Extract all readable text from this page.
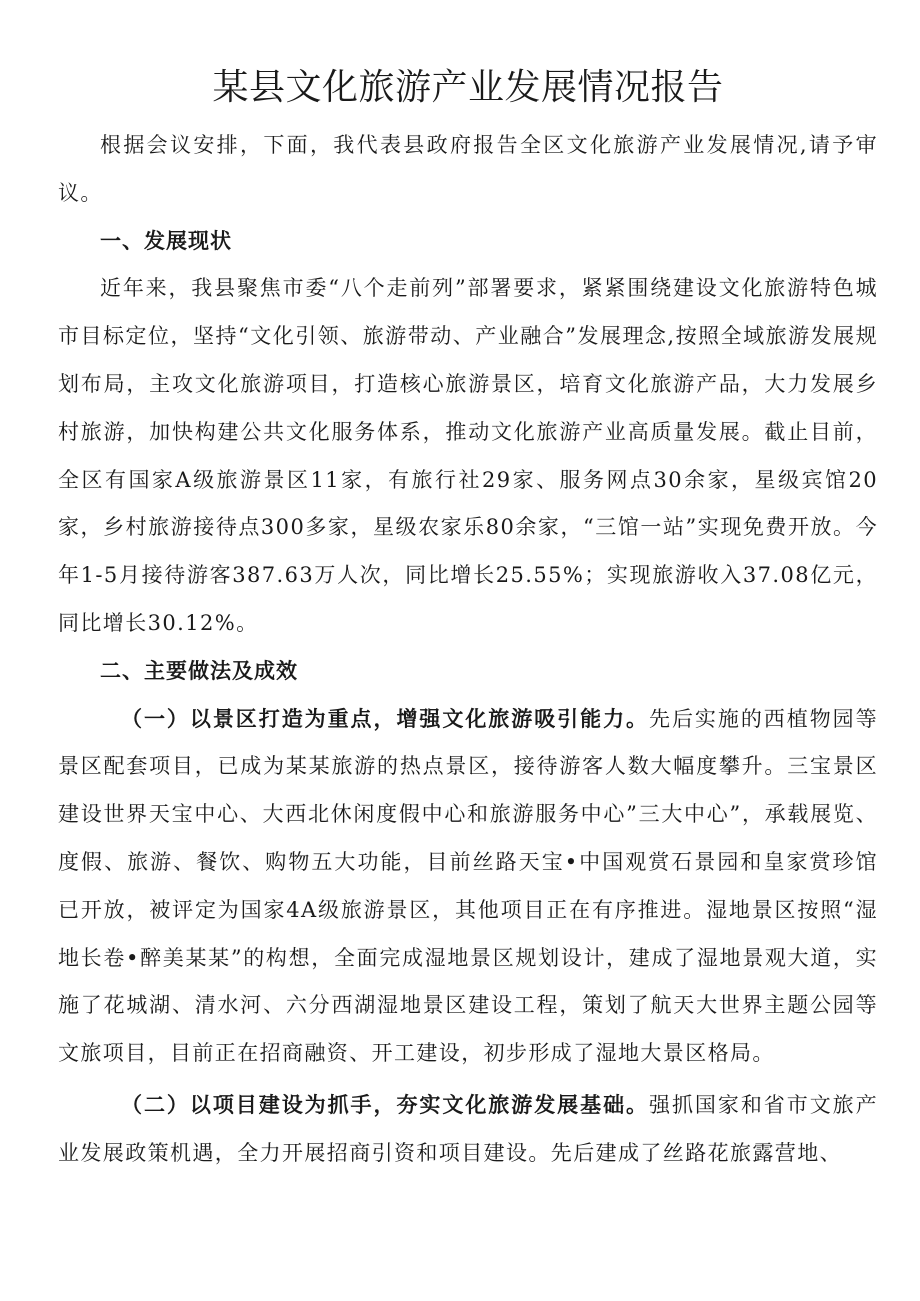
某县文化旅游产业发展情况报告

根据会议安排，下面，我代表县政府报告全区文化旅游产业发展情况,请予审议。

一、发展现状

近年来，我县聚焦市委“八个走前列”部署要求，紧紧围绕建设文化旅游特色城市目标定位，坚持“文化引领、旅游带动、产业融合”发展理念,按照全域旅游发展规划布局，主攻文化旅游项目，打造核心旅游景区，培育文化旅游产品，大力发展乡村旅游，加快构建公共文化服务体系，推动文化旅游产业高质量发展。截止目前，全区有国家A级旅游景区11家，有旅行社29家、服务网点30余家，星级宾馆20家，乡村旅游接待点300多家，星级农家乐80余家，“三馆一站”实现免费开放。今年1-5月接待游客387.63万人次，同比增长25.55%；实现旅游收入37.08亿元，同比增长30.12%。

二、主要做法及成效

（一）以景区打造为重点，增强文化旅游吸引能力。先后实施的西植物园等景区配套项目，已成为某某旅游的热点景区，接待游客人数大幅度攀升。三宝景区建设世界天宝中心、大西北休闲度假中心和旅游服务中心”三大中心”，承载展览、度假、旅游、餐饮、购物五大功能，目前丝路天宝•中国观赏石景园和皇家赏珍馆已开放，被评定为国家4A级旅游景区，其他项目正在有序推进。湿地景区按照“湿地长卷•醉美某某”的构想，全面完成湿地景区规划设计，建成了湿地景观大道，实施了花城湖、清水河、六分西湖湿地景区建设工程，策划了航天大世界主题公园等文旅项目，目前正在招商融资、开工建设，初步形成了湿地大景区格局。

（二）以项目建设为抓手，夯实文化旅游发展基础。强抓国家和省市文旅产业发展政策机遇，全力开展招商引资和项目建设。先后建成了丝路花旅露营地、
